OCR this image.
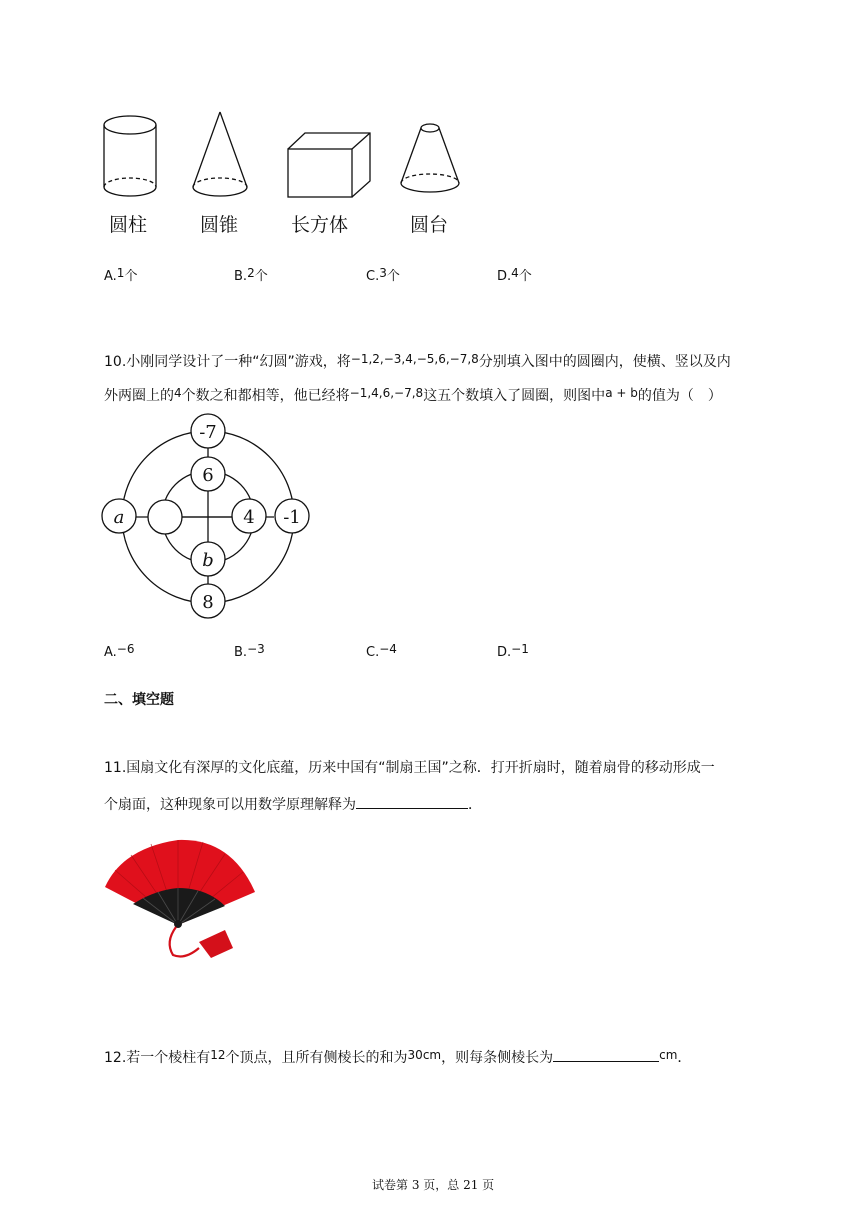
圆柱	圆锥	长方体	圆台
A.1个	B.2个	C.3个	D.4个
10.小刚同学设计了一种“幻圆”游戏，将−1,2,−3,4,−5,6,−7,8分别填入图中的圆圈内，使横、竖以及内
外两圈上的4个数之和都相等，他已经将−1,4,6,−7,8这五个数填入了圆圈，则图中a + b的值为（　）
-7
6
a	4 -1
b
8
A.−6	B.−3	C.−4	D.−1
二、填空题
11.国扇文化有深厚的文化底蕴，历来中国有“制扇王国”之称．打开折扇时，随着扇骨的移动形成一
个扇面，这种现象可以用数学原理解释为	．
12.若一个棱柱有12个顶点，且所有侧棱长的和为30cm，则每条侧棱长为	cm．
试卷第 3 页，总 21 页
